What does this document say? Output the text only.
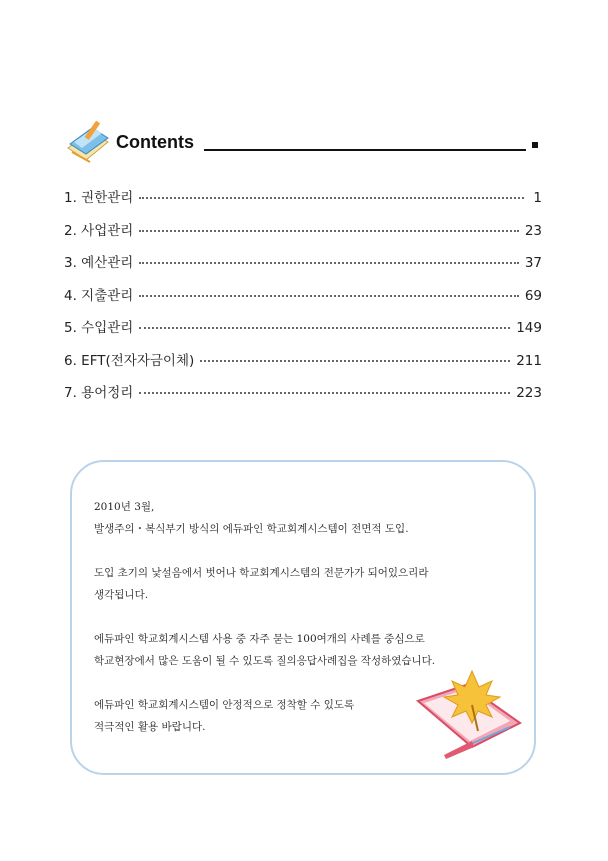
Contents
1. 권한관리	1
2. 사업관리	23
3. 예산관리	37
4. 지출관리	69
5. 수입관리	149
6. EFT(전자자금이체)	211
7. 용어정리	223

2010년 3월,

발생주의・복식부기 방식의 에듀파인 학교회계시스템이 전면적 도입.

도입 초기의 낯설음에서 벗어나 학교회계시스템의 전문가가 되어있으리라

생각됩니다.

에듀파인 학교회계시스템 사용 중 자주 묻는 100여개의 사례를 중심으로

학교현장에서 많은 도움이 될 수 있도록 질의응답사례집을 작성하였습니다.

에듀파인 학교회계시스템이 안정적으로 정착할 수 있도록

적극적인 활용 바랍니다.
